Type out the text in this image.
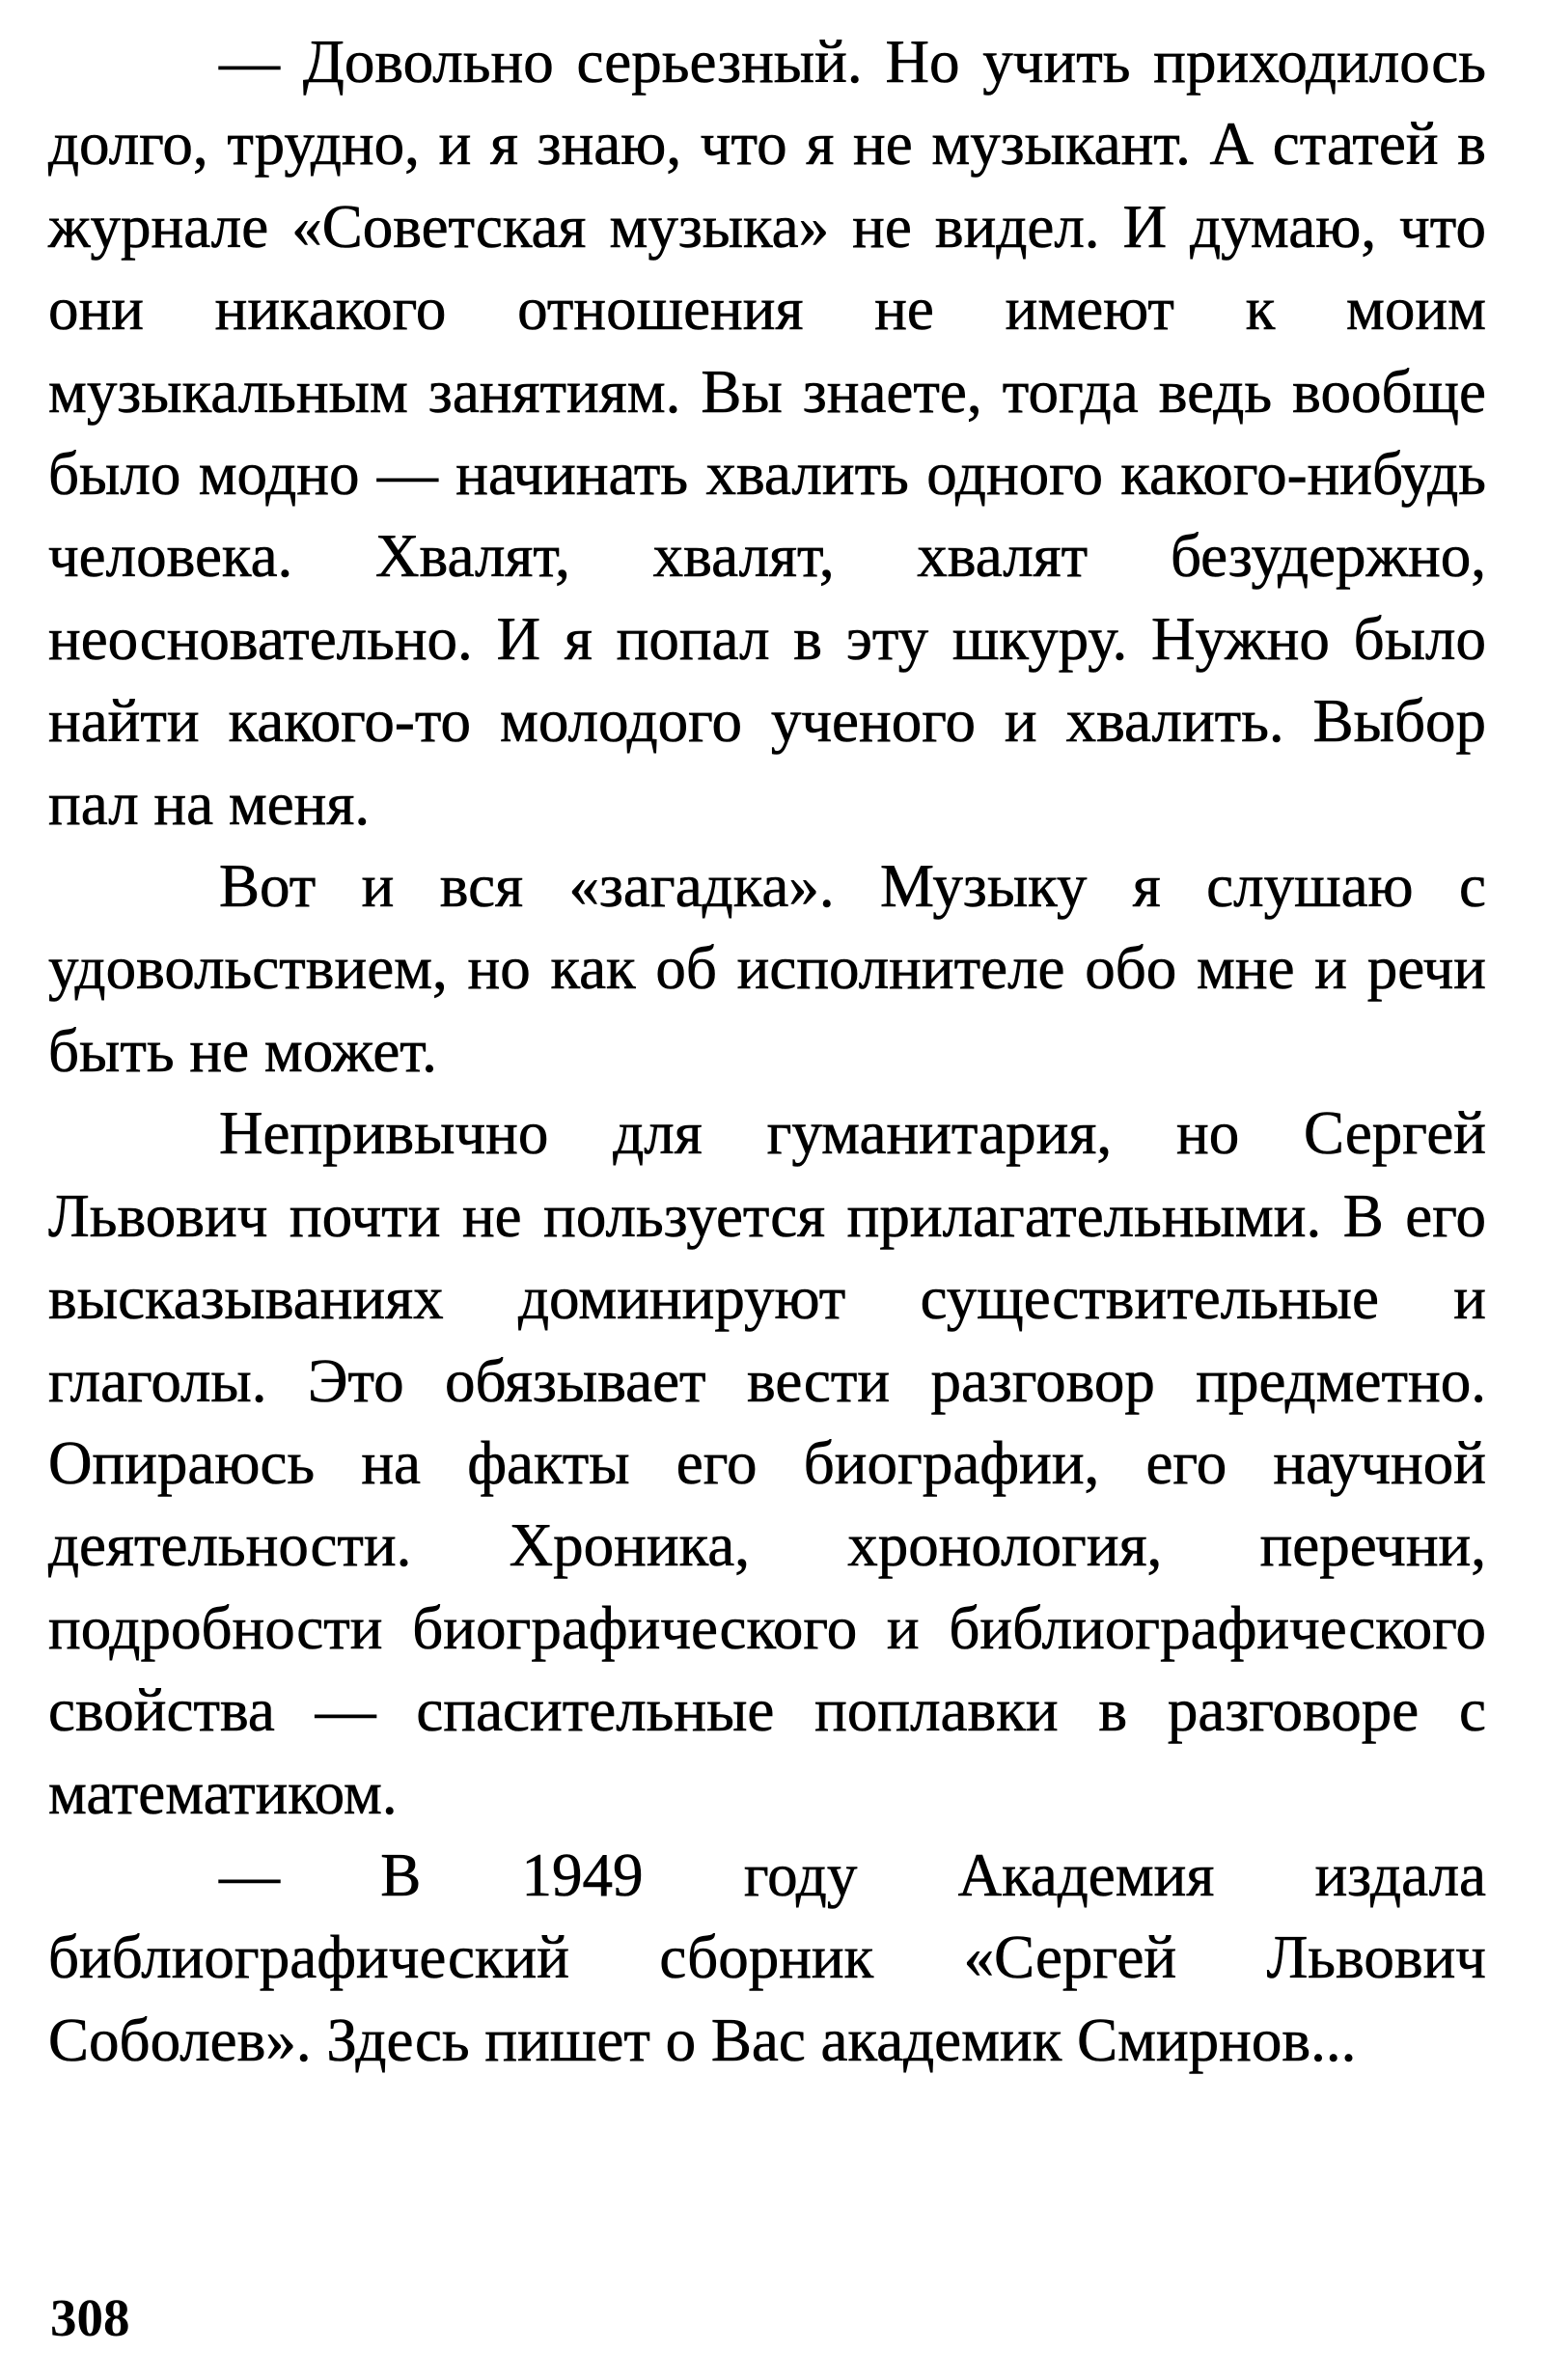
— Довольно серьезный. Но учить приходилось долго, трудно, и я знаю, что я не музыкант. А статей в журнале «Советская музыка» не видел. И думаю, что они никакого отношения не имеют к моим музыкальным занятиям. Вы знаете, тогда ведь вообще было модно — начинать хвалить одного какого-нибудь человека. Хвалят, хвалят, хвалят безудержно, неосновательно. И я попал в эту шкуру. Нужно было найти какого-то молодого ученого и хвалить. Выбор пал на меня.

Вот и вся «загадка». Музыку я слушаю с удовольствием, но как об исполнителе обо мне и речи быть не может.

Непривычно для гуманитария, но Сергей Львович почти не пользуется прилагательными. В его высказываниях доминируют существительные и глаголы. Это обязывает вести разговор предметно. Опираюсь на факты его биографии, его научной деятельности. Хроника, хронология, перечни, подробности биографического и библиографического свойства — спасительные поплавки в разговоре с математиком.

— В 1949 году Академия издала библиографический сборник «Сергей Львович Соболев». Здесь пишет о Вас академик Смирнов...

308
